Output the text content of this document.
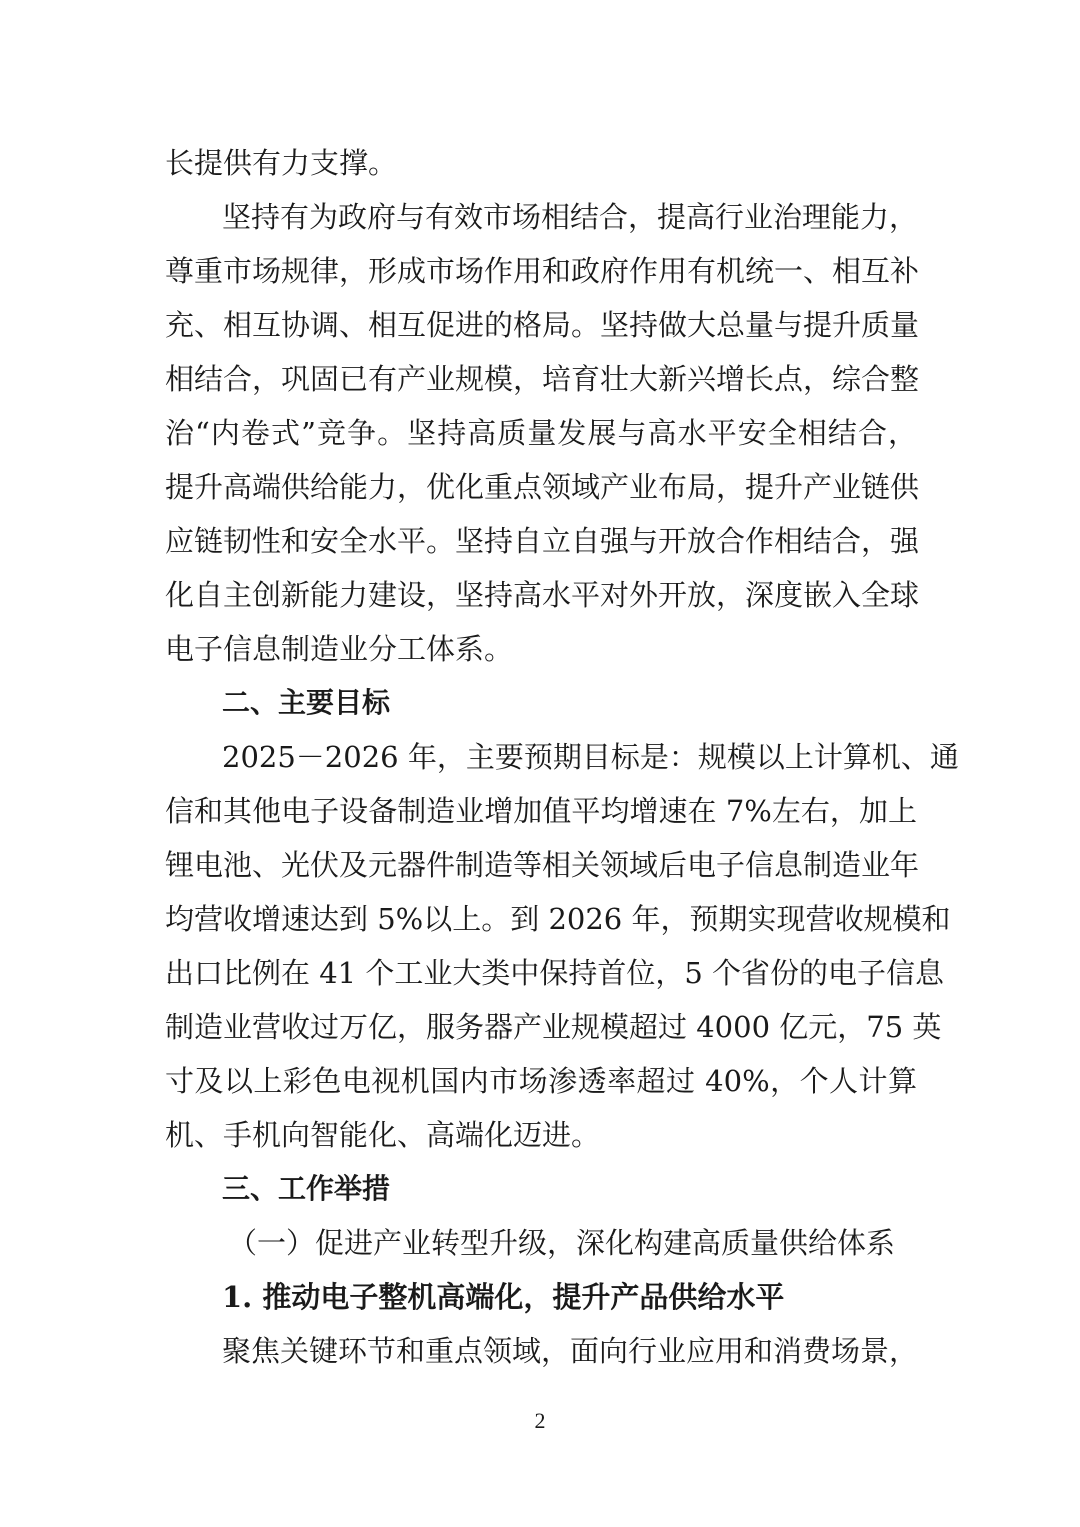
长提供有力支撑。
坚持有为政府与有效市场相结合，提高行业治理能力，
尊重市场规律，形成市场作用和政府作用有机统一、相互补
充、相互协调、相互促进的格局。坚持做大总量与提升质量
相结合，巩固已有产业规模，培育壮大新兴增长点，综合整
治“内卷式”竞争。坚持高质量发展与高水平安全相结合，
提升高端供给能力，优化重点领域产业布局，提升产业链供
应链韧性和安全水平。坚持自立自强与开放合作相结合，强
化自主创新能力建设，坚持高水平对外开放，深度嵌入全球
电子信息制造业分工体系。
二、主要目标
2025－2026 年，主要预期目标是：规模以上计算机、通
信和其他电子设备制造业增加值平均增速在 7%左右，加上
锂电池、光伏及元器件制造等相关领域后电子信息制造业年
均营收增速达到 5%以上。到 2026 年，预期实现营收规模和
出口比例在 41 个工业大类中保持首位，5 个省份的电子信息
制造业营收过万亿，服务器产业规模超过 4000 亿元，75 英
寸及以上彩色电视机国内市场渗透率超过 40%，个人计算
机、手机向智能化、高端化迈进。
三、工作举措
（一）促进产业转型升级，深化构建高质量供给体系
1. 推动电子整机高端化，提升产品供给水平
聚焦关键环节和重点领域，面向行业应用和消费场景，
2
